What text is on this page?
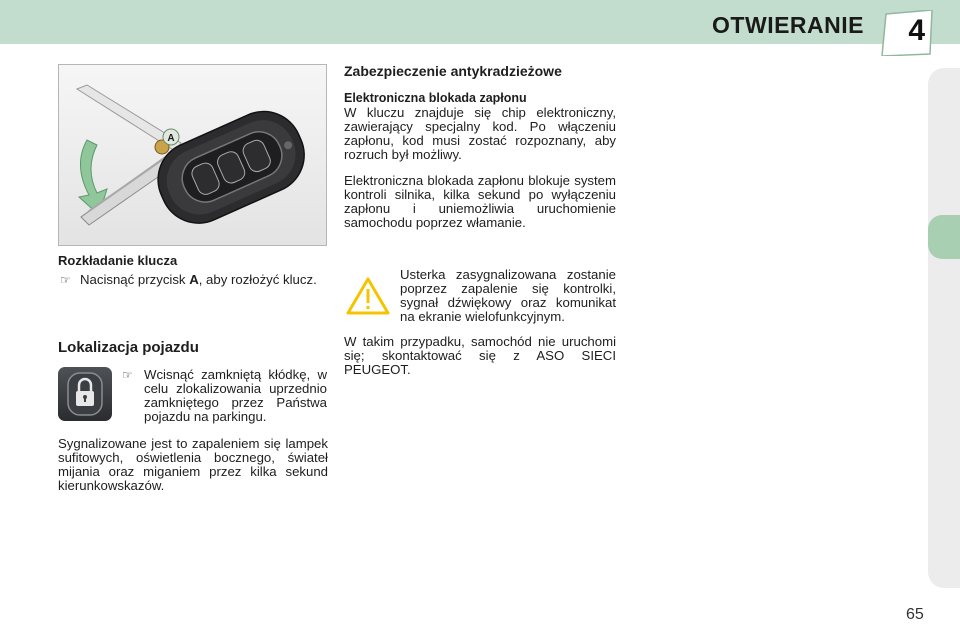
OTWIERANIE 4
A
Rozkładanie klucza
☞ Nacisnąć przycisk A, aby rozłożyć klucz.
Lokalizacja pojazdu
☞ Wcisnąć zamkniętą kłódkę, w celu zlokalizowania uprzednio zamkniętego przez Państwa pojazdu na parkingu.
Sygnalizowane jest to zapaleniem się lampek sufitowych, oświetlenia bocznego, świateł mijania oraz miganiem przez kilka sekund kierunkowskazów.
Zabezpieczenie antykradzieżowe
Elektroniczna blokada zapłonu
W kluczu znajduje się chip elektroniczny, zawierający specjalny kod. Po włączeniu zapłonu, kod musi zostać rozpoznany, aby rozruch był możliwy.
Elektroniczna blokada zapłonu blokuje system kontroli silnika, kilka sekund po wyłączeniu zapłonu i uniemożliwia uruchomienie samochodu poprzez włamanie.
Usterka zasygnalizowana zostanie poprzez zapalenie się kontrolki, sygnał dźwiękowy oraz komunikat na ekranie wielofunkcyjnym.
W takim przypadku, samochód nie uruchomi się; skontaktować się z ASO SIECI PEUGEOT.
65
